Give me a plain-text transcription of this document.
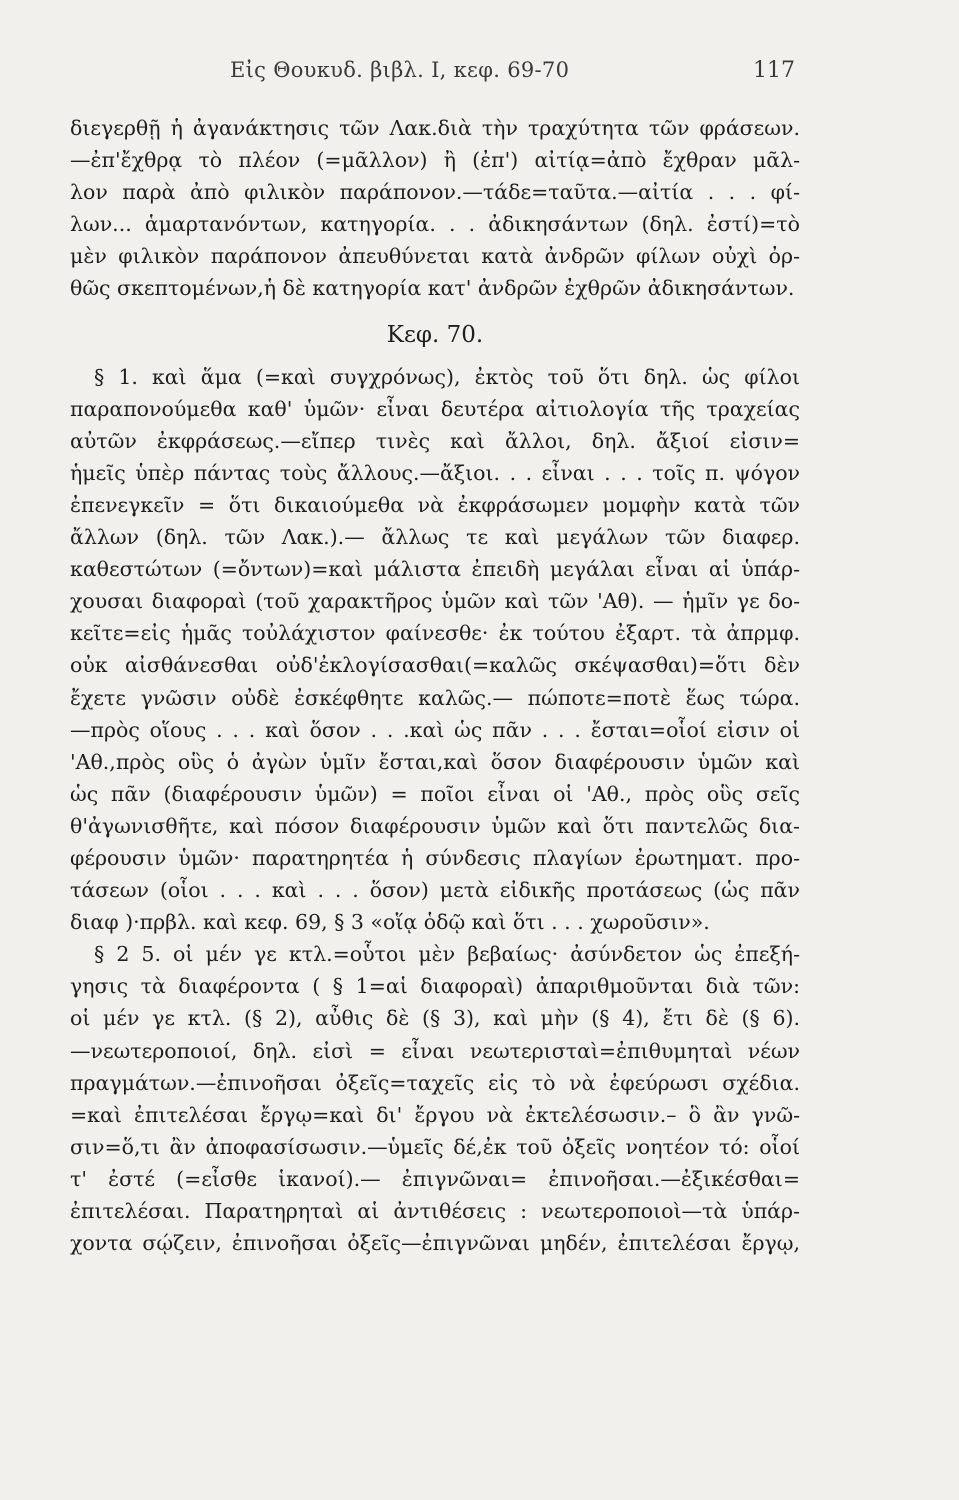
Εἰς Θουκυδ. βιβλ. I, κεφ. 69-70	117
διεγερθῇ ἡ ἀγανάκτησις τῶν Λακ.διὰ τὴν τραχύτητα τῶν φράσεων.
—ἐπ'ἔχθρᾳ τὸ πλέον (=μᾶλλον) ἢ (ἐπ') αἰτίᾳ=ἀπὸ ἔχθραν μᾶλ-
λον παρὰ ἀπὸ φιλικὸν παράπονον.—τάδε=ταῦτα.—αἰτία . . . φί-
λων... ἁμαρτανόντων, κατηγορία. . . ἀδικησάντων (δηλ. ἐστί)=τὸ
μὲν φιλικὸν παράπονον ἀπευθύνεται κατὰ ἀνδρῶν φίλων οὐχὶ ὀρ-
θῶς σκεπτομένων,ἡ δὲ κατηγορία κατ' ἀνδρῶν ἐχθρῶν ἀδικησάντων.
Κεφ. 70.
§ 1. καὶ ἅμα (=καὶ συγχρόνως), ἐκτὸς τοῦ ὅτι δηλ. ὡς φίλοι
παραπονούμεθα καθ' ὑμῶν· εἶναι δευτέρα αἰτιολογία τῆς τραχείας
αὐτῶν ἐκφράσεως.—εἴπερ τινὲς καὶ ἄλλοι, δηλ. ἄξιοί εἰσιν=
ἡμεῖς ὑπὲρ πάντας τοὺς ἄλλους.—ἄξιοι. . . εἶναι . . . τοῖς π. ψόγον
ἐπενεγκεῖν = ὅτι δικαιούμεθα νὰ ἐκφράσωμεν μομφὴν κατὰ τῶν
ἄλλων (δηλ. τῶν Λακ.).— ἄλλως τε καὶ μεγάλων τῶν διαφερ.
καθεστώτων (=ὄντων)=καὶ μάλιστα ἐπειδὴ μεγάλαι εἶναι αἱ ὑπάρ-
χουσαι διαφοραὶ (τοῦ χαρακτῆρος ὑμῶν καὶ τῶν 'Αθ). — ἡμῖν γε δο-
κεῖτε=εἰς ἡμᾶς τοὐλάχιστον φαίνεσθε· ἐκ τούτου ἐξαρτ. τὰ ἀπρμφ.
οὐκ αἰσθάνεσθαι οὐδ'ἐκλογίσασθαι(=καλῶς σκέψασθαι)=ὅτι δὲν
ἔχετε γνῶσιν οὐδὲ ἐσκέφθητε καλῶς.— πώποτε=ποτὲ ἕως τώρα.
—πρὸς οἵους . . . καὶ ὅσον . . .καὶ ὡς πᾶν . . . ἔσται=οἷοί εἰσιν οἱ
'Αθ.,πρὸς οὓς ὁ ἀγὼν ὑμῖν ἔσται,καὶ ὅσον διαφέρουσιν ὑμῶν καὶ
ὡς πᾶν (διαφέρουσιν ὑμῶν) = ποῖοι εἶναι οἱ 'Αθ., πρὸς οὓς σεῖς
θ'ἀγωνισθῆτε, καὶ πόσον διαφέρουσιν ὑμῶν καὶ ὅτι παντελῶς δια-
φέρουσιν ὑμῶν· παρατηρητέα ἡ σύνδεσις πλαγίων ἐρωτηματ. προ-
τάσεων (οἷοι . . . καὶ . . . ὅσον) μετὰ εἰδικῆς προτάσεως (ὡς πᾶν
διαφ )·πρβλ. καὶ κεφ. 69, § 3 «οἵᾳ ὁδῷ καὶ ὅτι . . . χωροῦσιν».
§ 2 5. οἱ μέν γε κτλ.=οὗτοι μὲν βεβαίως· ἀσύνδετον ὡς ἐπεξή-
γησις τὰ διαφέροντα ( § 1=αἱ διαφοραὶ) ἀπαριθμοῦνται διὰ τῶν:
οἱ μέν γε κτλ. (§ 2), αὖθις δὲ (§ 3), καὶ μὴν (§ 4), ἔτι δὲ (§ 6).
—νεωτεροποιοί, δηλ. εἰσὶ = εἶναι νεωτερισταὶ=ἐπιθυμηταὶ νέων
πραγμάτων.—ἐπινοῆσαι ὀξεῖς=ταχεῖς εἰς τὸ νὰ ἐφεύρωσι σχέδια.
=καὶ ἐπιτελέσαι ἔργῳ=καὶ δι' ἔργου νὰ ἐκτελέσωσιν.– ὃ ἂν γνῶ-
σιν=ὅ,τι ἂν ἀποφασίσωσιν.—ὑμεῖς δέ,ἐκ τοῦ ὀξεῖς νοητέον τό: οἷοί
τ' ἐστέ (=εἶσθε ἱκανοί).— ἐπιγνῶναι= ἐπινοῆσαι.—ἐξικέσθαι=
ἐπιτελέσαι. Παρατηρηταὶ αἱ ἀντιθέσεις : νεωτεροποιοὶ—τὰ ὑπάρ-
χοντα σῴζειν, ἐπινοῆσαι ὀξεῖς—ἐπιγνῶναι μηδέν, ἐπιτελέσαι ἔργῳ,
